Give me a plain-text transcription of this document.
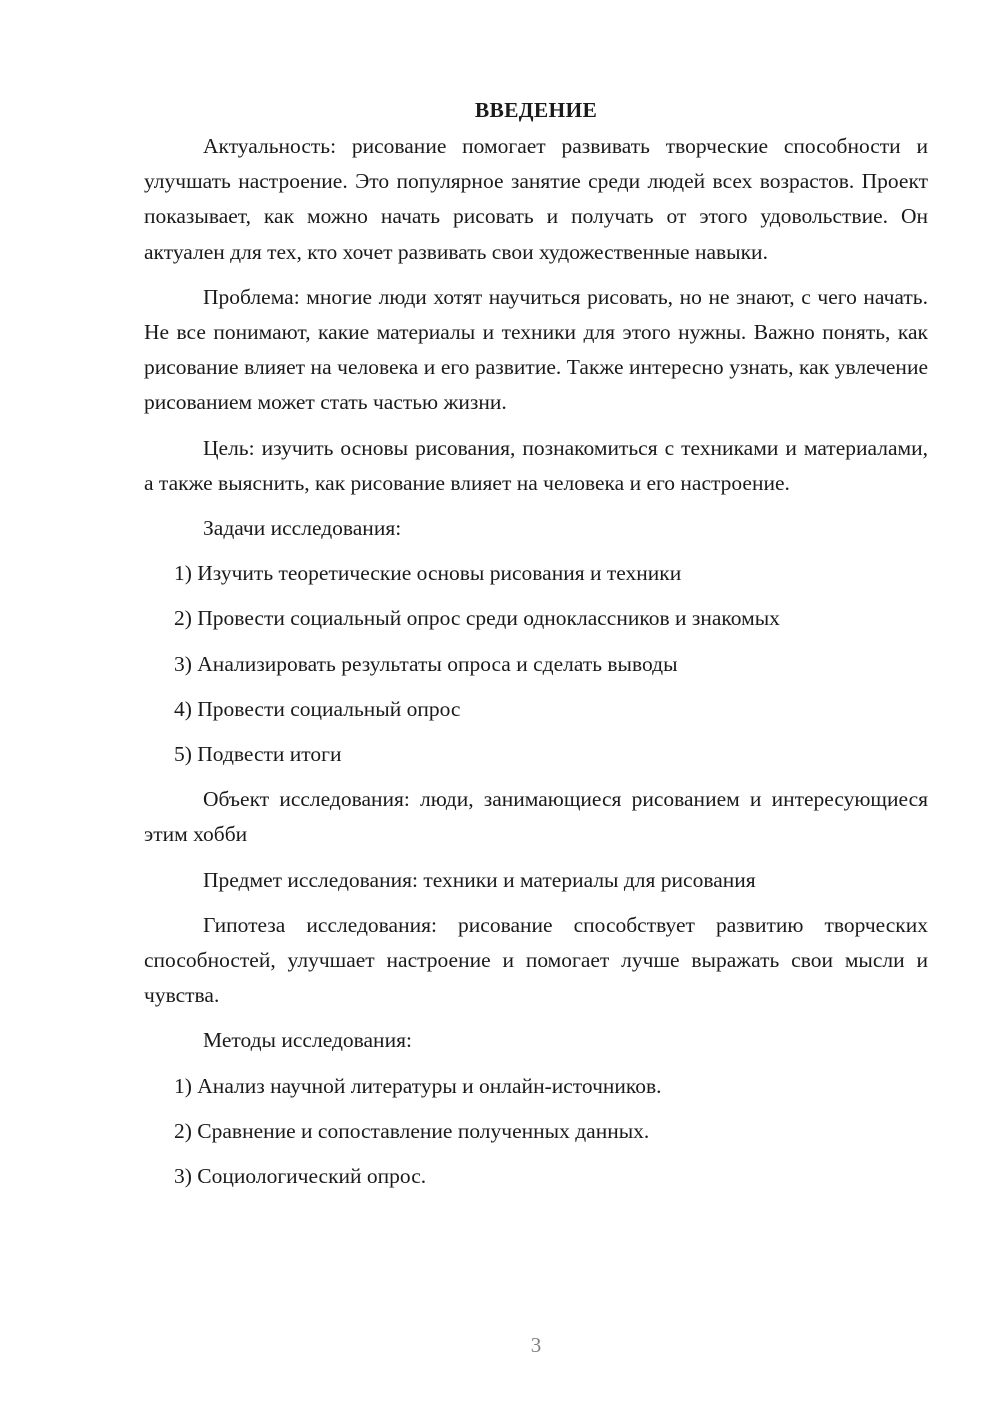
ВВЕДЕНИЕ

Актуальность: рисование помогает развивать творческие способности и улучшать настроение. Это популярное занятие среди людей всех возрастов. Проект показывает, как можно начать рисовать и получать от этого удовольствие. Он актуален для тех, кто хочет развивать свои художественные навыки.

Проблема: многие люди хотят научиться рисовать, но не знают, с чего начать. Не все понимают, какие материалы и техники для этого нужны. Важно понять, как рисование влияет на человека и его развитие. Также интересно узнать, как увлечение рисованием может стать частью жизни.

Цель: изучить основы рисования, познакомиться с техниками и материалами, а также выяснить, как рисование влияет на человека и его настроение.

Задачи исследования:

1) Изучить теоретические основы рисования и техники

2) Провести социальный опрос среди одноклассников и знакомых

3) Анализировать результаты опроса и сделать выводы

4) Провести социальный опрос

5) Подвести итоги

Объект исследования: люди, занимающиеся рисованием и интересующиеся этим хобби

Предмет исследования: техники и материалы для рисования

Гипотеза исследования: рисование способствует развитию творческих способностей, улучшает настроение и помогает лучше выражать свои мысли и чувства.

Методы исследования:

1) Анализ научной литературы и онлайн-источников.

2) Сравнение и сопоставление полученных данных.

3) Социологический опрос.

3
